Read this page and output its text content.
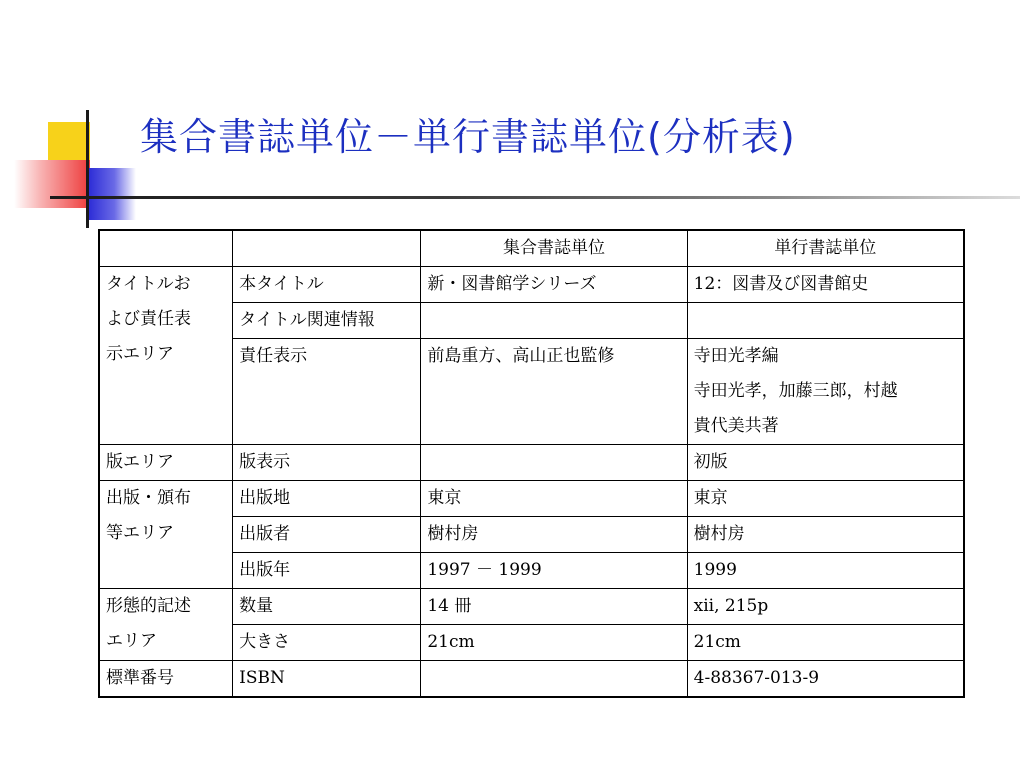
集合書誌単位－単行書誌単位(分析表)
		集合書誌単位	単行書誌単位

タイトルお
よび責任表
示エリア	本タイトル	新・図書館学シリーズ	12：図書及び図書館史
	タイトル関連情報		
	責任表示	前島重方、高山正也監修	寺田光孝編
寺田光孝，加藤三郎，村越
貴代美共著

版エリア	版表示		初版

出版・頒布
等エリア	出版地	東京	東京
	出版者	樹村房	樹村房
	出版年	1997 － 1999	1999

形態的記述
エリア	数量	14 冊	xii, 215p
	大きさ	21cm	21cm
標準番号	ISBN		4-88367-013-9
